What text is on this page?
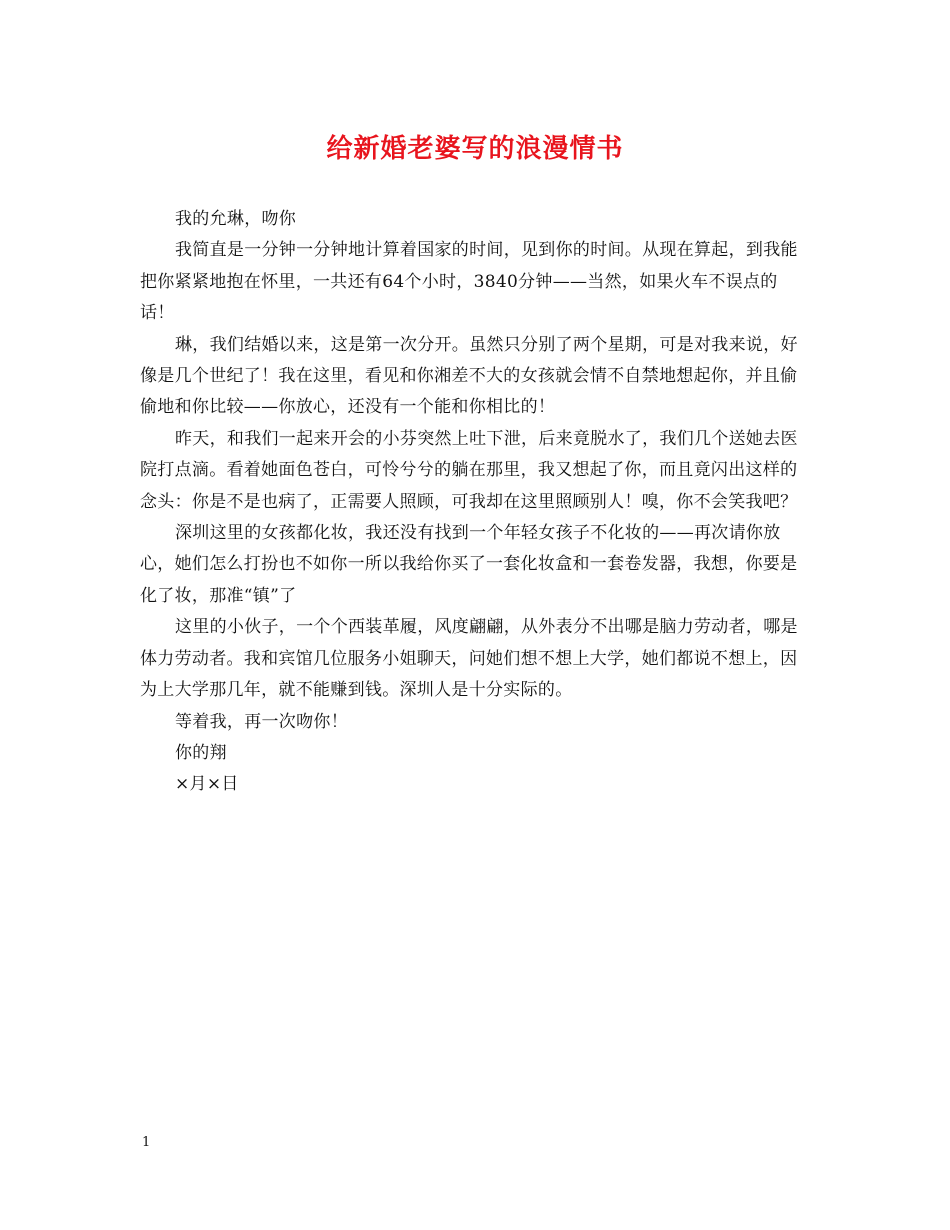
给新婚老婆写的浪漫情书

我的允琳，吻你

我简直是一分钟一分钟地计算着国家的时间，见到你的时间。从现在算起，到我能把你紧紧地抱在怀里，一共还有64个小时，3840分钟——当然，如果火车不误点的话！

琳，我们结婚以来，这是第一次分开。虽然只分别了两个星期，可是对我来说，好像是几个世纪了！我在这里，看见和你湘差不大的女孩就会情不自禁地想起你，并且偷偷地和你比较——你放心，还没有一个能和你相比的！

昨天，和我们一起来开会的小芬突然上吐下泄，后来竟脱水了，我们几个送她去医院打点滴。看着她面色苍白，可怜兮兮的躺在那里，我又想起了你，而且竟闪出这样的念头：你是不是也病了，正需要人照顾，可我却在这里照顾别人！嗅，你不会笑我吧？

深圳这里的女孩都化妆，我还没有找到一个年轻女孩子不化妆的——再次请你放心，她们怎么打扮也不如你一所以我给你买了一套化妆盒和一套卷发器，我想，你要是化了妆，那准“镇”了

这里的小伙子，一个个西装革履，风度翩翩，从外表分不出哪是脑力劳动者，哪是体力劳动者。我和宾馆几位服务小姐聊天，问她们想不想上大学，她们都说不想上，因为上大学那几年，就不能赚到钱。深圳人是十分实际的。

等着我，再一次吻你！

你的翔

×月×日

1
